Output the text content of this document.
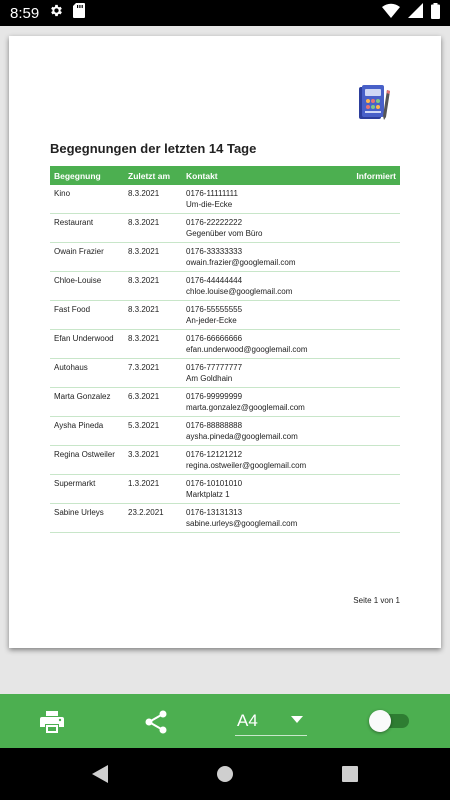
8:59
Begegnungen der letzten 14 Tage
Begegnung	Zuletzt am	Kontakt	Informiert
Kino	8.3.2021	0176-11111111
Um-die-Ecke
Restaurant	8.3.2021	0176-22222222
Gegenüber vom Büro
Owain Frazier	8.3.2021	0176-33333333
owain.frazier@googlemail.com
Chloe-Louise	8.3.2021	0176-44444444
chloe.louise@googlemail.com
Fast Food	8.3.2021	0176-55555555
An-jeder-Ecke
Efan Underwood	8.3.2021	0176-66666666
efan.underwood@googlemail.com
Autohaus	7.3.2021	0176-77777777
Am Goldhain
Marta Gonzalez	6.3.2021	0176-99999999
marta.gonzalez@googlemail.com
Aysha Pineda	5.3.2021	0176-88888888
aysha.pineda@googlemail.com
Regina Ostweiler	3.3.2021	0176-12121212
regina.ostweiler@googlemail.com
Supermarkt	1.3.2021	0176-10101010
Marktplatz 1
Sabine Urleys	23.2.2021	0176-13131313
sabine.urleys@googlemail.com
Seite 1 von 1
A4
